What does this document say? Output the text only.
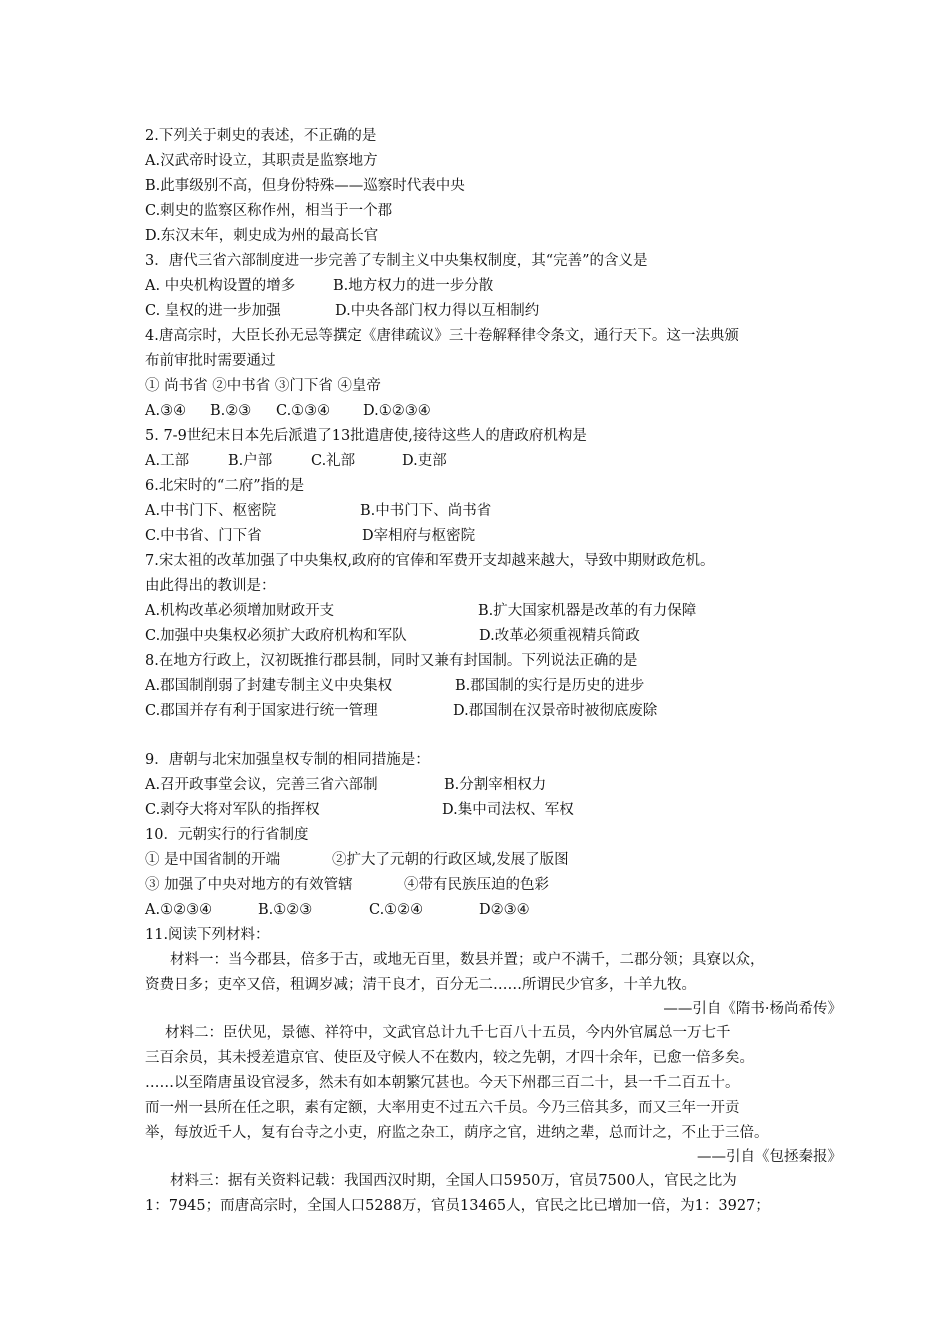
2.下列关于刺史的表述，不正确的是
A.汉武帝时设立，其职责是监察地方
B.此事级别不高，但身份特殊——巡察时代表中央
C.刺史的监察区称作州，相当于一个郡
D.东汉末年，刺史成为州的最高长官
3．唐代三省六部制度进一步完善了专制主义中央集权制度，其“完善”的含义是
A. 中央机构设置的增多	B.地方权力的进一步分散
C. 皇权的进一步加强	D.中央各部门权力得以互相制约
4.唐高宗时，大臣长孙无忌等撰定《唐律疏议》三十卷解释律令条文，通行天下。这一法典颁
布前审批时需要通过
① 尚书省 ②中书省 ③门下省 ④皇帝
A.③④ B.②③ C.①③④ D.①②③④
5. 7-9世纪末日本先后派遣了13批遣唐使,接待这些人的唐政府机构是
A.工部	B.户部	C.礼部	D.吏部
6.北宋时的“二府”指的是
A.中书门下、枢密院	B.中书门下、尚书省
C.中书省、门下省	D宰相府与枢密院
7.宋太祖的改革加强了中央集权,政府的官俸和军费开支却越来越大，导致中期财政危机。
由此得出的教训是：
A.机构改革必须增加财政开支	B.扩大国家机器是改革的有力保障
C.加强中央集权必须扩大政府机构和军队	D.改革必须重视精兵简政
8.在地方行政上，汉初既推行郡县制，同时又兼有封国制。下列说法正确的是
A.郡国制削弱了封建专制主义中央集权	B.郡国制的实行是历史的进步
C.郡国并存有利于国家进行统一管理	D.郡国制在汉景帝时被彻底废除
9．唐朝与北宋加强皇权专制的相同措施是：
A.召开政事堂会议，完善三省六部制	B.分割宰相权力
C.剥夺大将对军队的指挥权	D.集中司法权、军权
10．元朝实行的行省制度
① 是中国省制的开端	②扩大了元朝的行政区域,发展了版图
③ 加强了中央对地方的有效管辖	④带有民族压迫的色彩
A.①②③④	B.①②③	C.①②④	D②③④
11.阅读下列材料：
材料一：当今郡县，倍多于古，或地无百里，数县并置；或户不满千，二郡分领；具寮以众，
资费日多；吏卒又倍，租调岁减；清干良才，百分无二……所谓民少官多，十羊九牧。
——引自《隋书·杨尚希传》
材料二：臣伏见，景德、祥符中，文武官总计九千七百八十五员，今内外官属总一万七千
三百余员，其未授差遣京官、使臣及守候人不在数内，较之先朝，才四十余年，已愈一倍多矣。
……以至隋唐虽设官浸多，然未有如本朝繁冗甚也。今天下州郡三百二十，县一千二百五十。
而一州一县所在任之职，素有定额，大率用吏不过五六千员。今乃三倍其多，而又三年一开贡
举，每放近千人，复有台寺之小吏，府监之杂工，荫序之官，进纳之辈，总而计之，不止于三倍。
——引自《包拯秦报》
材料三：据有关资料记载：我国西汉时期，全国人口5950万，官员7500人，官民之比为
1：7945；而唐高宗时，全国人口5288万，官员13465人，官民之比已增加一倍，为1：3927；
